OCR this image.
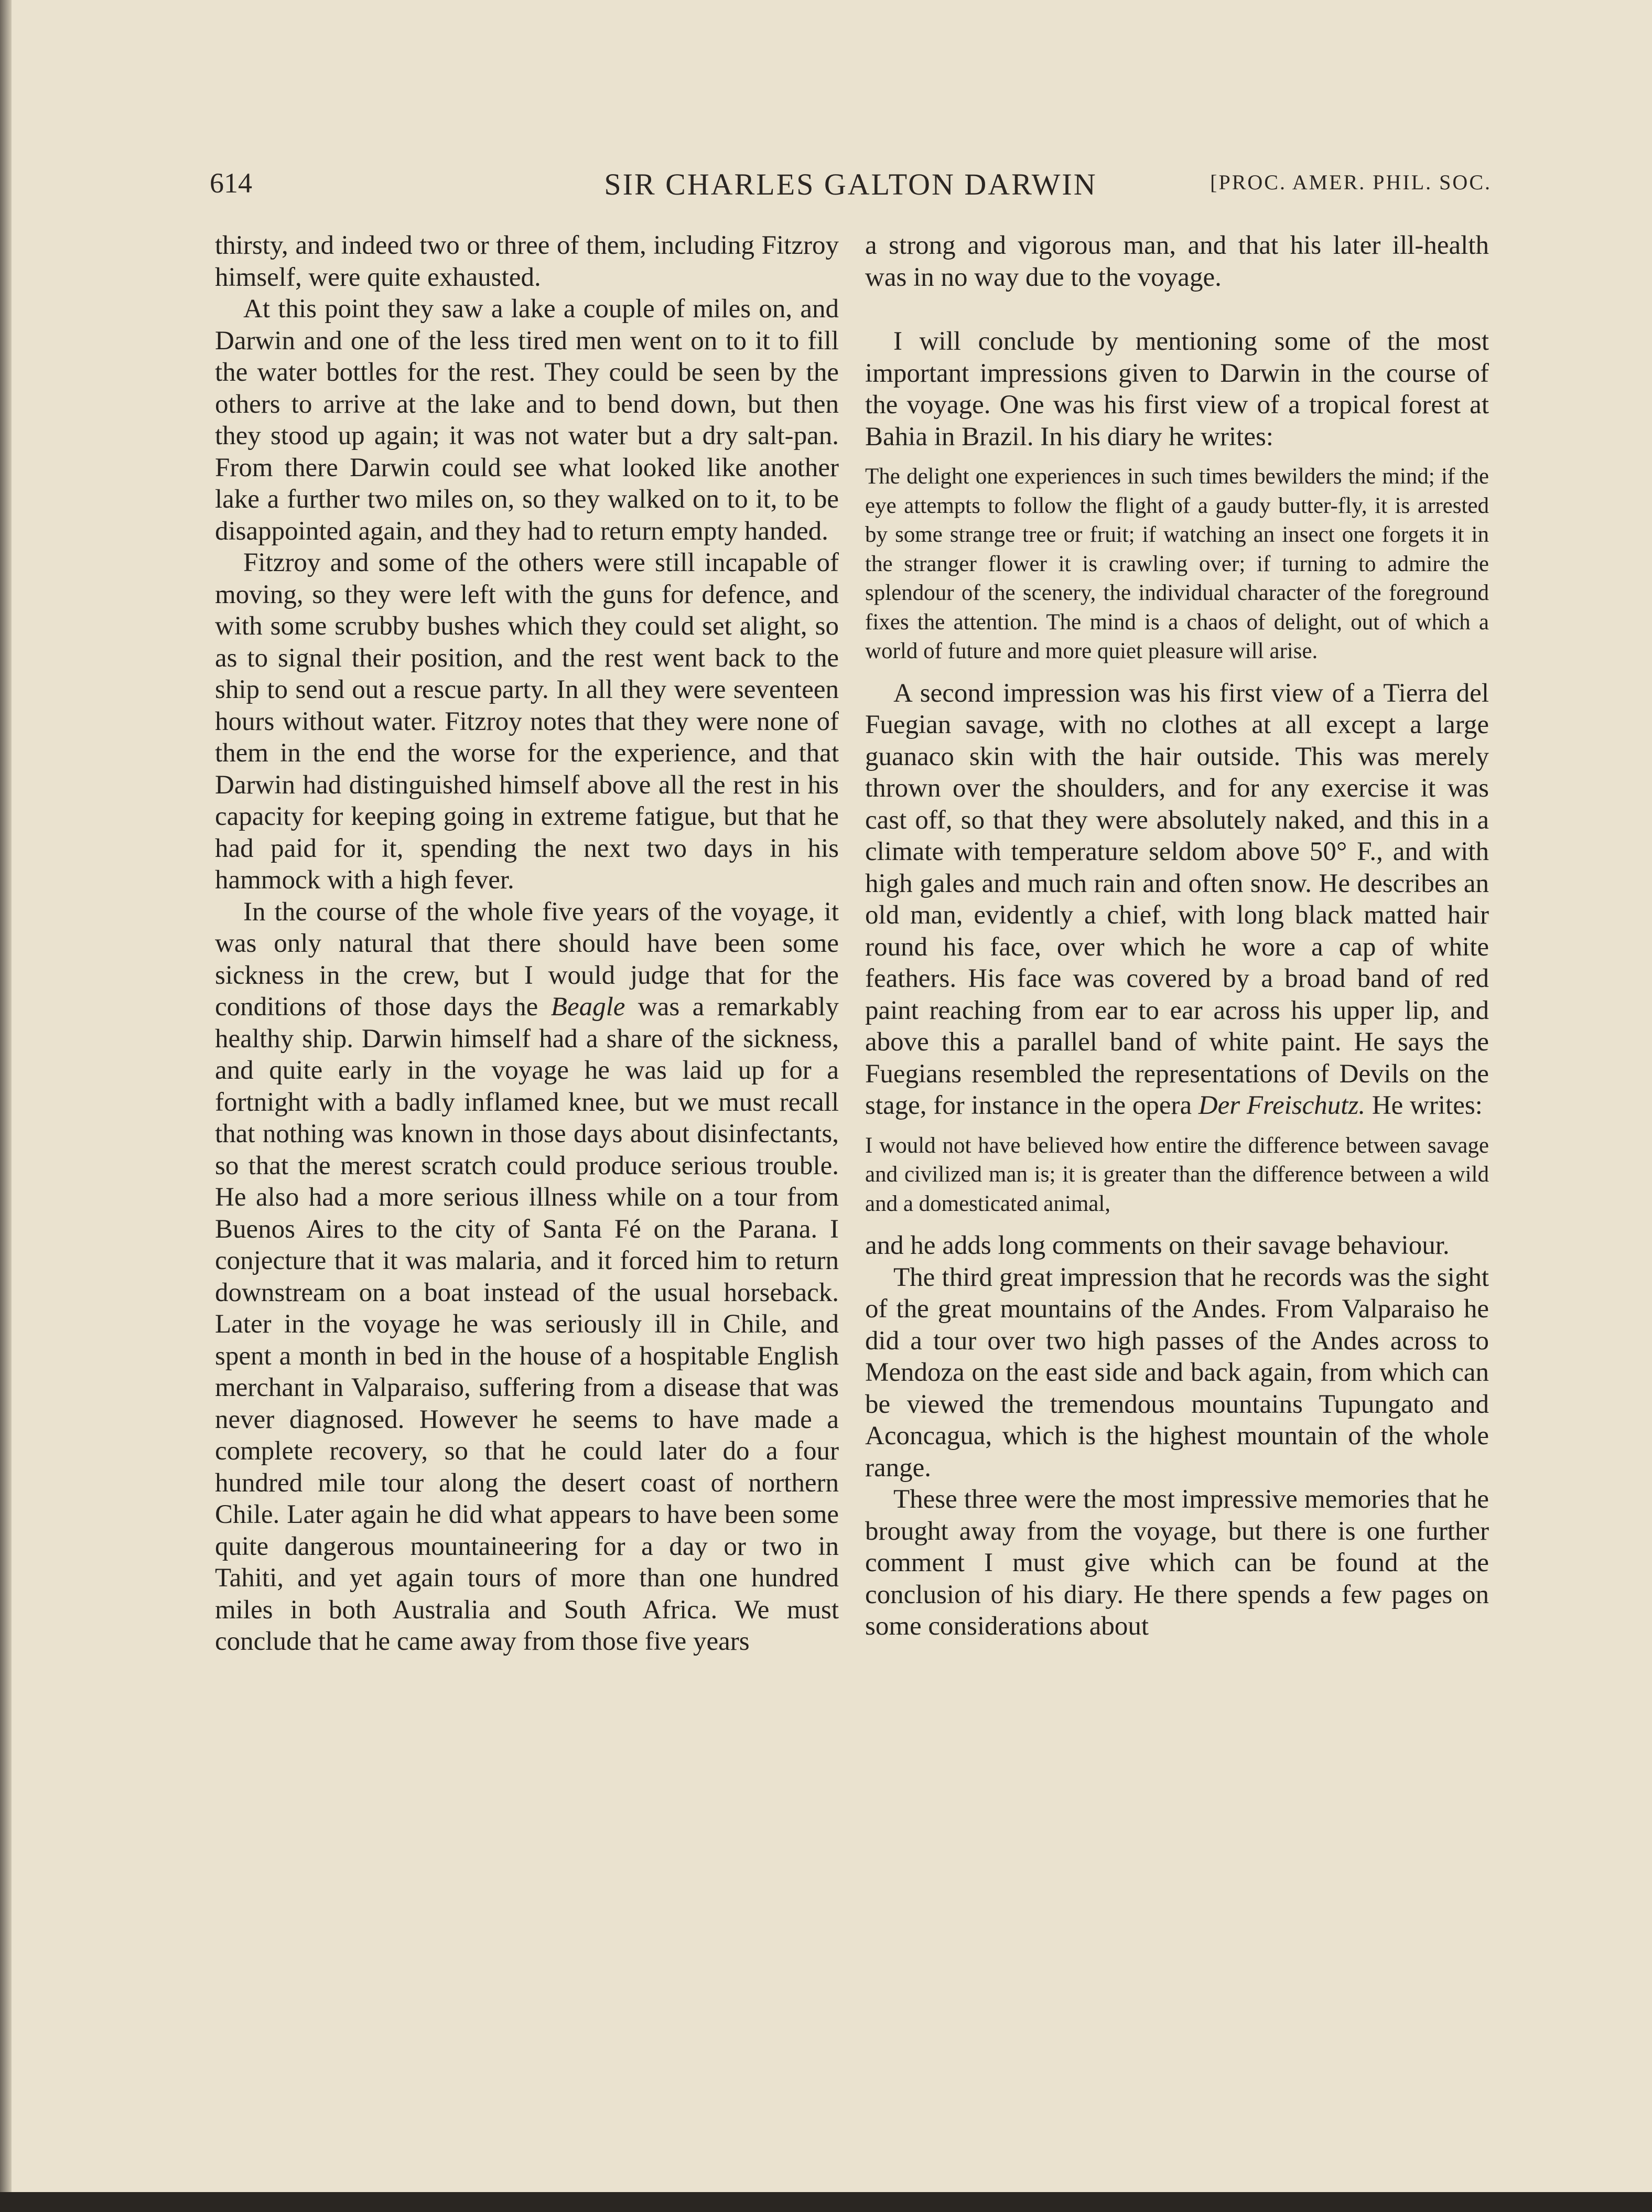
614	SIR CHARLES GALTON DARWIN	[PROC. AMER. PHIL. SOC.

thirsty, and indeed two or three of them, including Fitzroy himself, were quite exhausted.

At this point they saw a lake a couple of miles on, and Darwin and one of the less tired men went on to it to fill the water bottles for the rest. They could be seen by the others to arrive at the lake and to bend down, but then they stood up again; it was not water but a dry salt-pan. From there Darwin could see what looked like another lake a further two miles on, so they walked on to it, to be disappointed again, and they had to return empty handed.

Fitzroy and some of the others were still incapable of moving, so they were left with the guns for defence, and with some scrubby bushes which they could set alight, so as to signal their position, and the rest went back to the ship to send out a rescue party. In all they were seventeen hours without water. Fitzroy notes that they were none of them in the end the worse for the experience, and that Darwin had distinguished himself above all the rest in his capacity for keeping going in extreme fatigue, but that he had paid for it, spending the next two days in his hammock with a high fever.

In the course of the whole five years of the voyage, it was only natural that there should have been some sickness in the crew, but I would judge that for the conditions of those days the Beagle was a remarkably healthy ship. Darwin himself had a share of the sickness, and quite early in the voyage he was laid up for a fortnight with a badly inflamed knee, but we must recall that nothing was known in those days about disinfectants, so that the merest scratch could produce serious trouble. He also had a more serious illness while on a tour from Buenos Aires to the city of Santa Fé on the Parana. I conjecture that it was malaria, and it forced him to return downstream on a boat instead of the usual horseback. Later in the voyage he was seriously ill in Chile, and spent a month in bed in the house of a hospitable English merchant in Valparaiso, suffering from a disease that was never diagnosed. However he seems to have made a complete recovery, so that he could later do a four hundred mile tour along the desert coast of northern Chile. Later again he did what appears to have been some quite dangerous mountaineering for a day or two in Tahiti, and yet again tours of more than one hundred miles in both Australia and South Africa. We must conclude that he came away from those five years

a strong and vigorous man, and that his later ill-health was in no way due to the voyage.

I will conclude by mentioning some of the most important impressions given to Darwin in the course of the voyage. One was his first view of a tropical forest at Bahia in Brazil. In his diary he writes:

The delight one experiences in such times bewilders the mind; if the eye attempts to follow the flight of a gaudy butter-fly, it is arrested by some strange tree or fruit; if watching an insect one forgets it in the stranger flower it is crawling over; if turning to admire the splendour of the scenery, the individual character of the foreground fixes the attention. The mind is a chaos of delight, out of which a world of future and more quiet pleasure will arise.

A second impression was his first view of a Tierra del Fuegian savage, with no clothes at all except a large guanaco skin with the hair outside. This was merely thrown over the shoulders, and for any exercise it was cast off, so that they were absolutely naked, and this in a climate with temperature seldom above 50° F., and with high gales and much rain and often snow. He describes an old man, evidently a chief, with long black matted hair round his face, over which he wore a cap of white feathers. His face was covered by a broad band of red paint reaching from ear to ear across his upper lip, and above this a parallel band of white paint. He says the Fuegians resembled the representations of Devils on the stage, for instance in the opera Der Freischutz. He writes:

I would not have believed how entire the difference between savage and civilized man is; it is greater than the difference between a wild and a domesticated animal,

and he adds long comments on their savage behaviour.

The third great impression that he records was the sight of the great mountains of the Andes. From Valparaiso he did a tour over two high passes of the Andes across to Mendoza on the east side and back again, from which can be viewed the tremendous mountains Tupungato and Aconcagua, which is the highest mountain of the whole range.

These three were the most impressive memories that he brought away from the voyage, but there is one further comment I must give which can be found at the conclusion of his diary. He there spends a few pages on some considerations about
